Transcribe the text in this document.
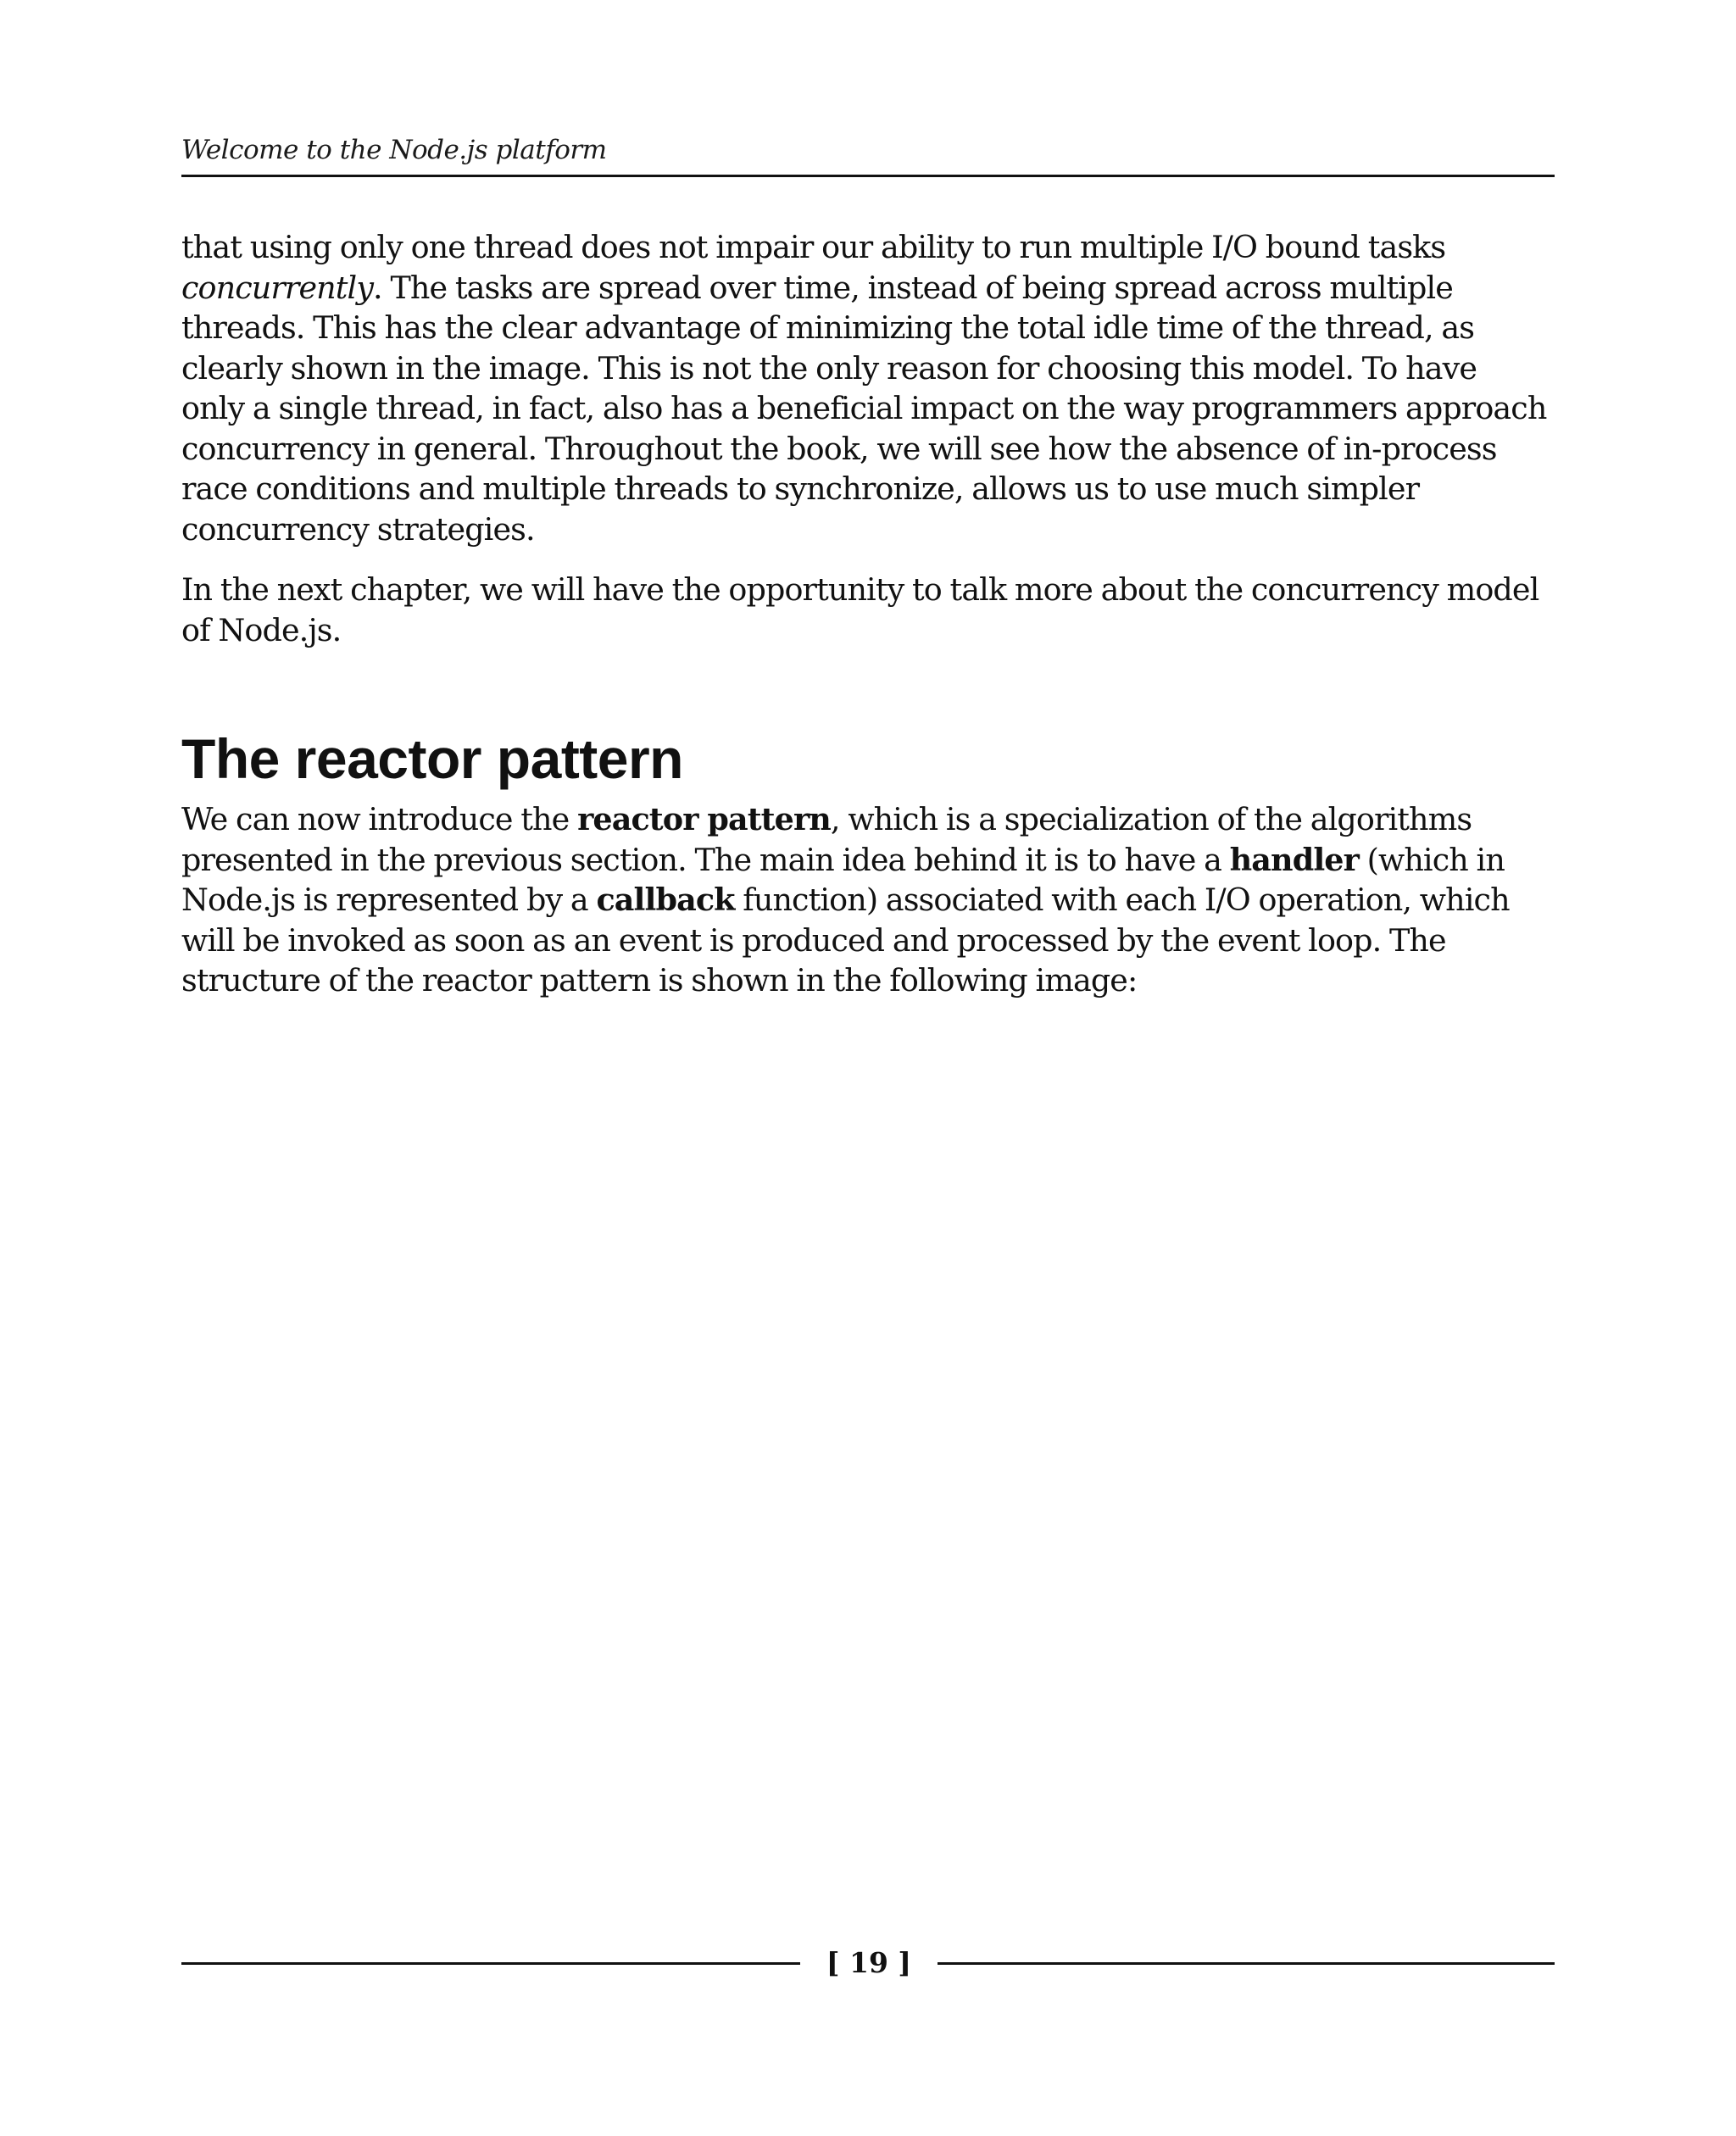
Welcome to the Node.js platform

that using only one thread does not impair our ability to run multiple I/O bound tasks
concurrently. The tasks are spread over time, instead of being spread across multiple
threads. This has the clear advantage of minimizing the total idle time of the thread, as
clearly shown in the image. This is not the only reason for choosing this model. To have
only a single thread, in fact, also has a beneficial impact on the way programmers approach
concurrency in general. Throughout the book, we will see how the absence of in-process
race conditions and multiple threads to synchronize, allows us to use much simpler
concurrency strategies.

In the next chapter, we will have the opportunity to talk more about the concurrency model
of Node.js.

The reactor pattern

We can now introduce the reactor pattern, which is a specialization of the algorithms
presented in the previous section. The main idea behind it is to have a handler (which in
Node.js is represented by a callback function) associated with each I/O operation, which
will be invoked as soon as an event is produced and processed by the event loop. The
structure of the reactor pattern is shown in the following image:

[ 19 ]
